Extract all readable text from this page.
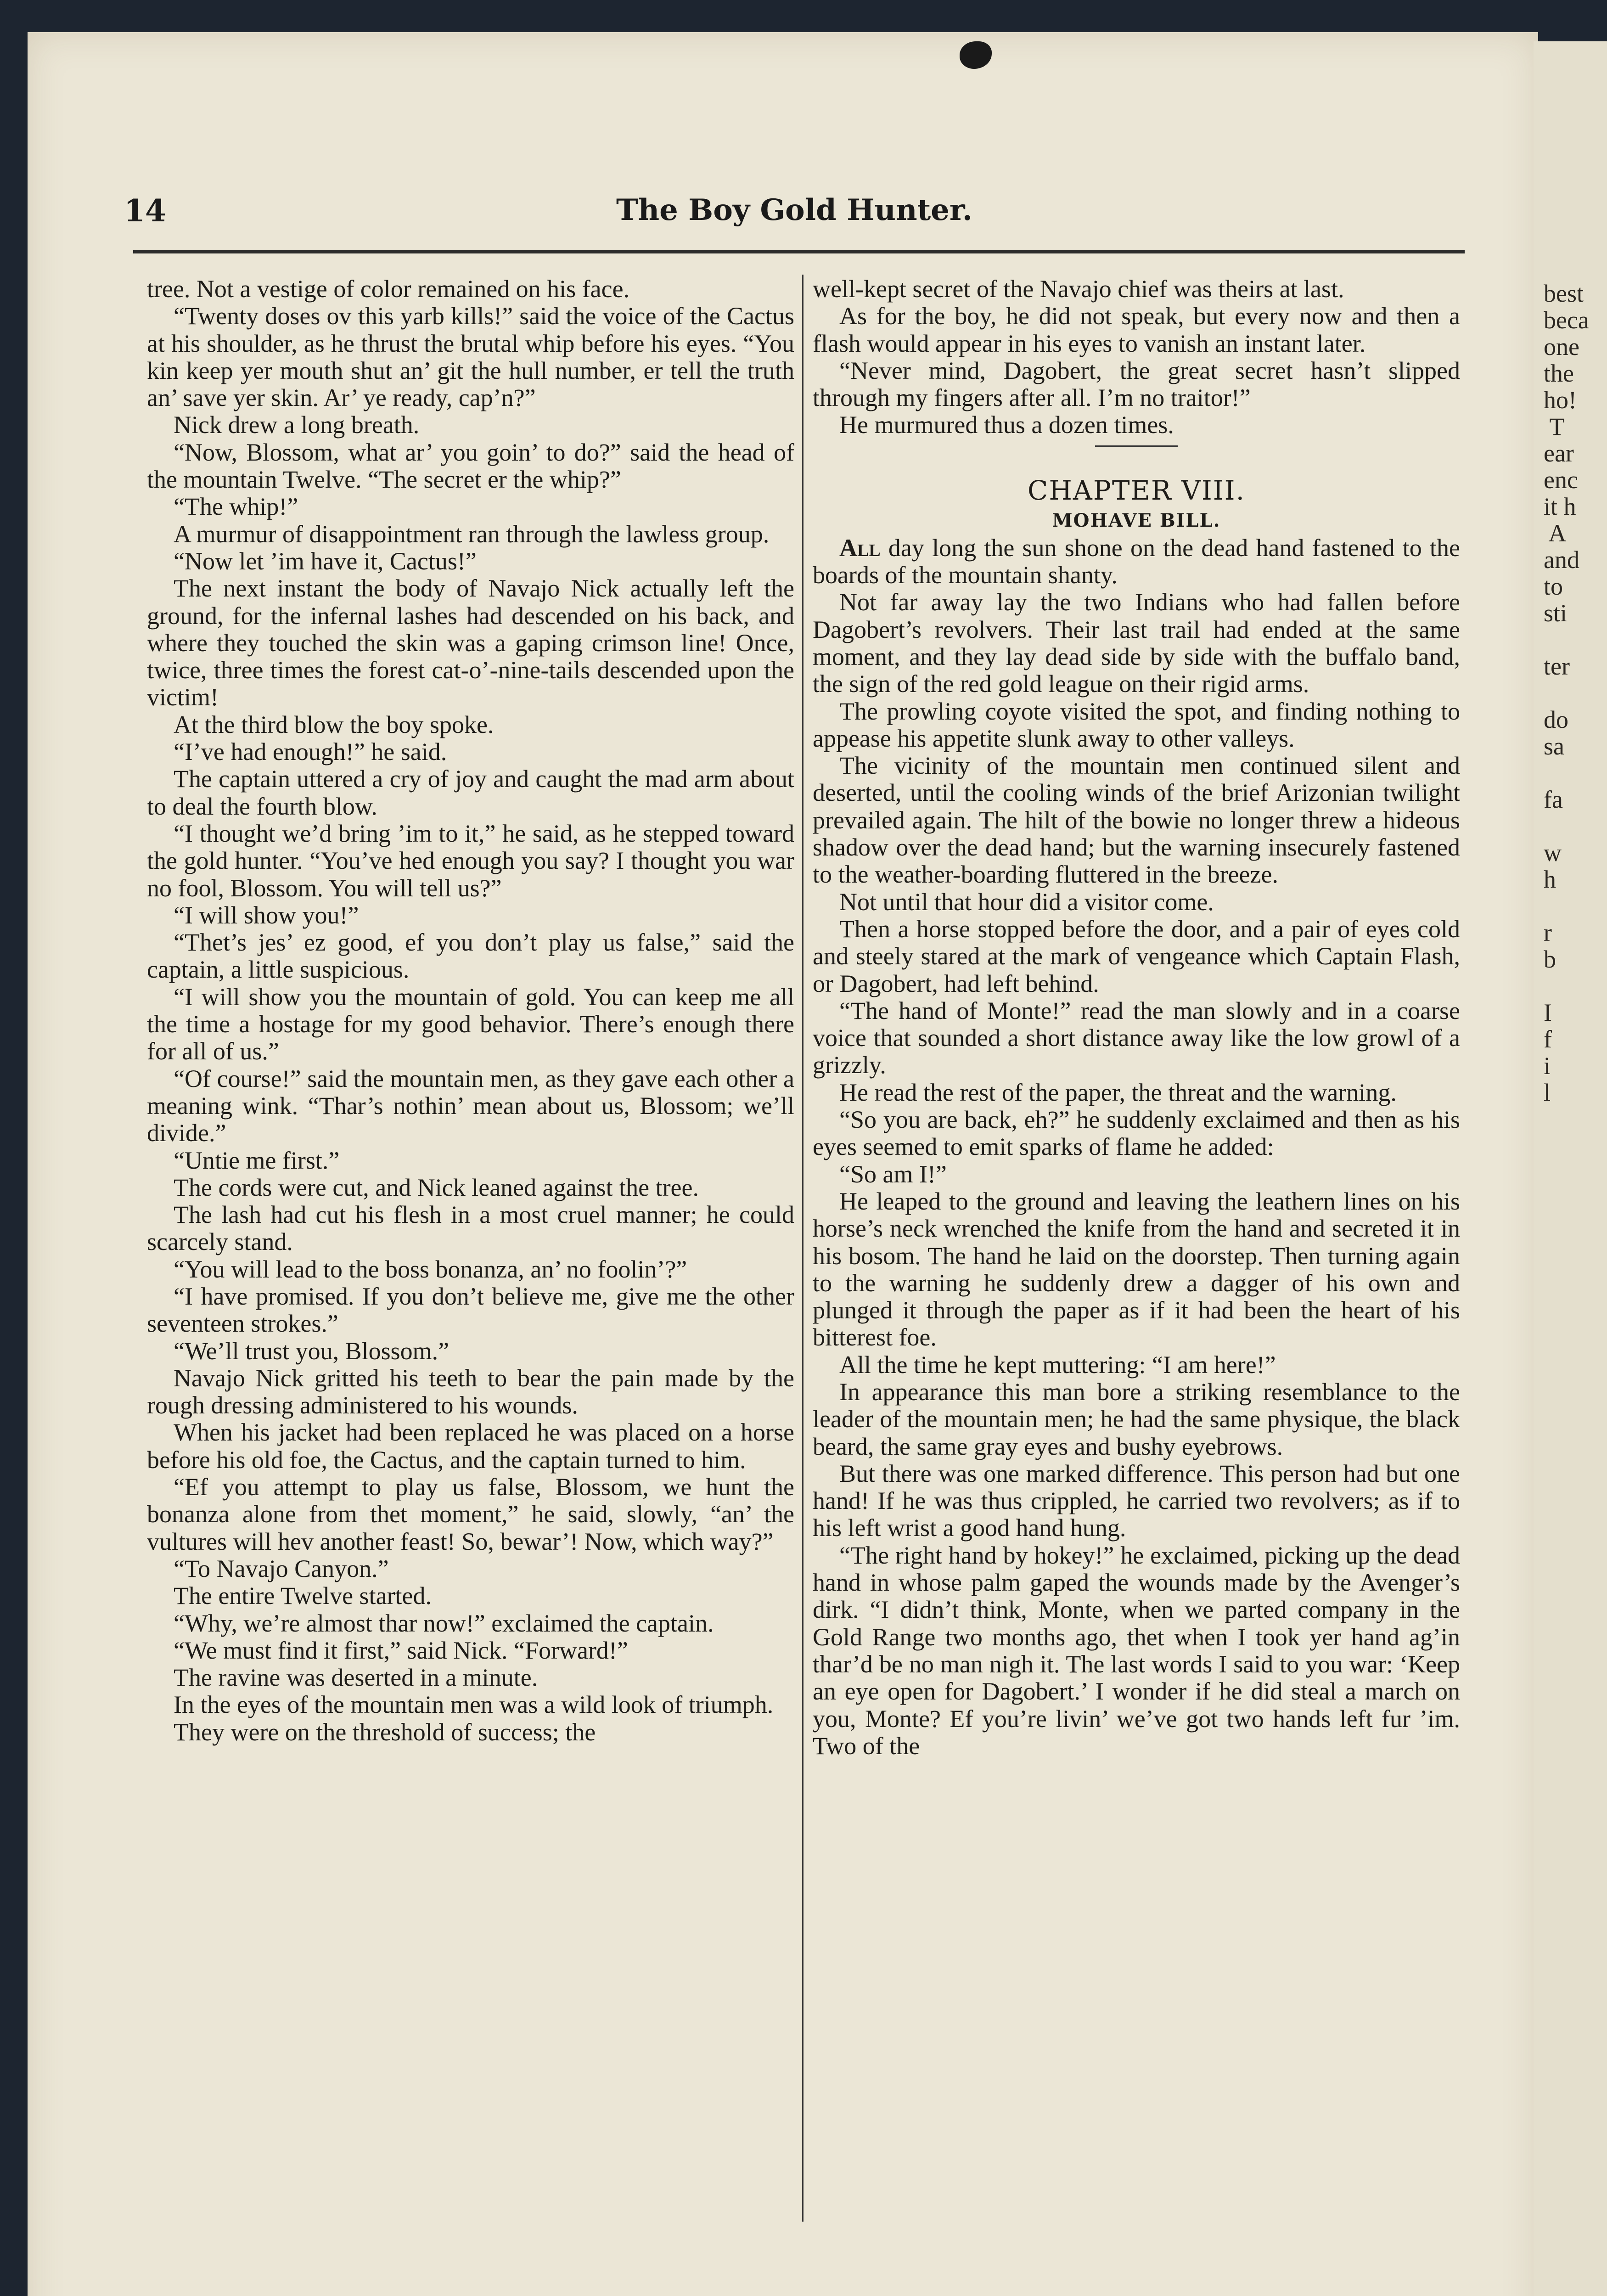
best
beca
one
the
ho!
T
ear
enc
it h
A
and
to
sti

ter

do
sa

fa

w
h

r
b

I
f
i
l
14	The Boy Gold Hunter.

tree. Not a vestige of color remained on his face.

“Twenty doses ov this yarb kills!” said the voice of the Cactus at his shoulder, as he thrust the brutal whip before his eyes. “You kin keep yer mouth shut an’ git the hull number, er tell the truth an’ save yer skin. Ar’ ye ready, cap’n?”

Nick drew a long breath.

“Now, Blossom, what ar’ you goin’ to do?” said the head of the mountain Twelve. “The secret er the whip?”

“The whip!”

A murmur of disappointment ran through the lawless group.

“Now let ’im have it, Cactus!”

The next instant the body of Navajo Nick actually left the ground, for the infernal lashes had descended on his back, and where they touched the skin was a gaping crimson line! Once, twice, three times the forest cat-o’-nine-tails descended upon the victim!

At the third blow the boy spoke.

“I’ve had enough!” he said.

The captain uttered a cry of joy and caught the mad arm about to deal the fourth blow.

“I thought we’d bring ’im to it,” he said, as he stepped toward the gold hunter. “You’ve hed enough you say? I thought you war no fool, Blossom. You will tell us?”

“I will show you!”

“Thet’s jes’ ez good, ef you don’t play us false,” said the captain, a little suspicious.

“I will show you the mountain of gold. You can keep me all the time a hostage for my good behavior. There’s enough there for all of us.”

“Of course!” said the mountain men, as they gave each other a meaning wink. “Thar’s nothin’ mean about us, Blossom; we’ll divide.”

“Untie me first.”

The cords were cut, and Nick leaned against the tree.

The lash had cut his flesh in a most cruel manner; he could scarcely stand.

“You will lead to the boss bonanza, an’ no foolin’?”

“I have promised. If you don’t believe me, give me the other seventeen strokes.”

“We’ll trust you, Blossom.”

Navajo Nick gritted his teeth to bear the pain made by the rough dressing administered to his wounds.

When his jacket had been replaced he was placed on a horse before his old foe, the Cactus, and the captain turned to him.

“Ef you attempt to play us false, Blossom, we hunt the bonanza alone from thet moment,” he said, slowly, “an’ the vultures will hev another feast! So, bewar’! Now, which way?”

“To Navajo Canyon.”

The entire Twelve started.

“Why, we’re almost thar now!” exclaimed the captain.

“We must find it first,” said Nick. “Forward!”

The ravine was deserted in a minute.

In the eyes of the mountain men was a wild look of triumph.

They were on the threshold of success; the

well-kept secret of the Navajo chief was theirs at last.

As for the boy, he did not speak, but every now and then a flash would appear in his eyes to vanish an instant later.

“Never mind, Dagobert, the great secret hasn’t slipped through my fingers after all. I’m no traitor!”

He murmured thus a dozen times.

CHAPTER VIII.
MOHAVE BILL.

All day long the sun shone on the dead hand fastened to the boards of the mountain shanty.

Not far away lay the two Indians who had fallen before Dagobert’s revolvers. Their last trail had ended at the same moment, and they lay dead side by side with the buffalo band, the sign of the red gold league on their rigid arms.

The prowling coyote visited the spot, and finding nothing to appease his appetite slunk away to other valleys.

The vicinity of the mountain men continued silent and deserted, until the cooling winds of the brief Arizonian twilight prevailed again. The hilt of the bowie no longer threw a hideous shadow over the dead hand; but the warning insecurely fastened to the weather-boarding fluttered in the breeze.

Not until that hour did a visitor come.

Then a horse stopped before the door, and a pair of eyes cold and steely stared at the mark of vengeance which Captain Flash, or Dagobert, had left behind.

“The hand of Monte!” read the man slowly and in a coarse voice that sounded a short distance away like the low growl of a grizzly.

He read the rest of the paper, the threat and the warning.

“So you are back, eh?” he suddenly exclaimed and then as his eyes seemed to emit sparks of flame he added:

“So am I!”

He leaped to the ground and leaving the leathern lines on his horse’s neck wrenched the knife from the hand and secreted it in his bosom. The hand he laid on the doorstep. Then turning again to the warning he suddenly drew a dagger of his own and plunged it through the paper as if it had been the heart of his bitterest foe.

All the time he kept muttering: “I am here!”

In appearance this man bore a striking resemblance to the leader of the mountain men; he had the same physique, the black beard, the same gray eyes and bushy eyebrows.

But there was one marked difference. This person had but one hand! If he was thus crippled, he carried two revolvers; as if to his left wrist a good hand hung.

“The right hand by hokey!” he exclaimed, picking up the dead hand in whose palm gaped the wounds made by the Avenger’s dirk. “I didn’t think, Monte, when we parted company in the Gold Range two months ago, thet when I took yer hand ag’in thar’d be no man nigh it. The last words I said to you war: ‘Keep an eye open for Dagobert.’ I wonder if he did steal a march on you, Monte? Ef you’re livin’ we’ve got two hands left fur ’im. Two of the
